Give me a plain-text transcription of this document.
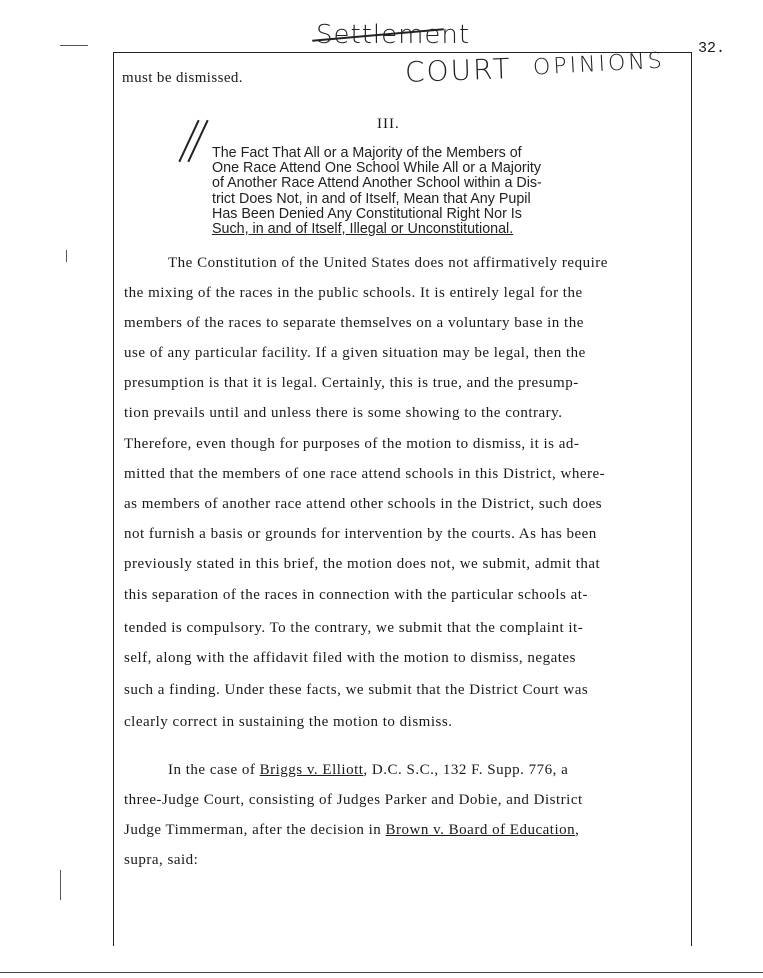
32.
Settlement
COURT OPINIONS
must be dismissed.
III.
The Fact That All or a Majority of the Members of
One Race Attend One School While All or a Majority
of Another Race Attend Another School within a Dis-
trict Does Not, in and of Itself, Mean that Any Pupil
Has Been Denied Any Constitutional Right Nor Is
Such, in and of Itself, Illegal or Unconstitutional.
The Constitution of the United States does not affirmatively require
the mixing of the races in the public schools. It is entirely legal for the
members of the races to separate themselves on a voluntary base in the
use of any particular facility. If a given situation may be legal, then the
presumption is that it is legal. Certainly, this is true, and the presump-
tion prevails until and unless there is some showing to the contrary.
Therefore, even though for purposes of the motion to dismiss, it is ad-
mitted that the members of one race attend schools in this District, where-
as members of another race attend other schools in the District, such does
not furnish a basis or grounds for intervention by the courts. As has been
previously stated in this brief, the motion does not, we submit, admit that
this separation of the races in connection with the particular schools at-
tended is compulsory. To the contrary, we submit that the complaint it-
self, along with the affidavit filed with the motion to dismiss, negates
such a finding. Under these facts, we submit that the District Court was
clearly correct in sustaining the motion to dismiss.
In the case of Briggs v. Elliott, D.C. S.C., 132 F. Supp. 776, a
three-Judge Court, consisting of Judges Parker and Dobie, and District
Judge Timmerman, after the decision in Brown v. Board of Education,
supra, said:
